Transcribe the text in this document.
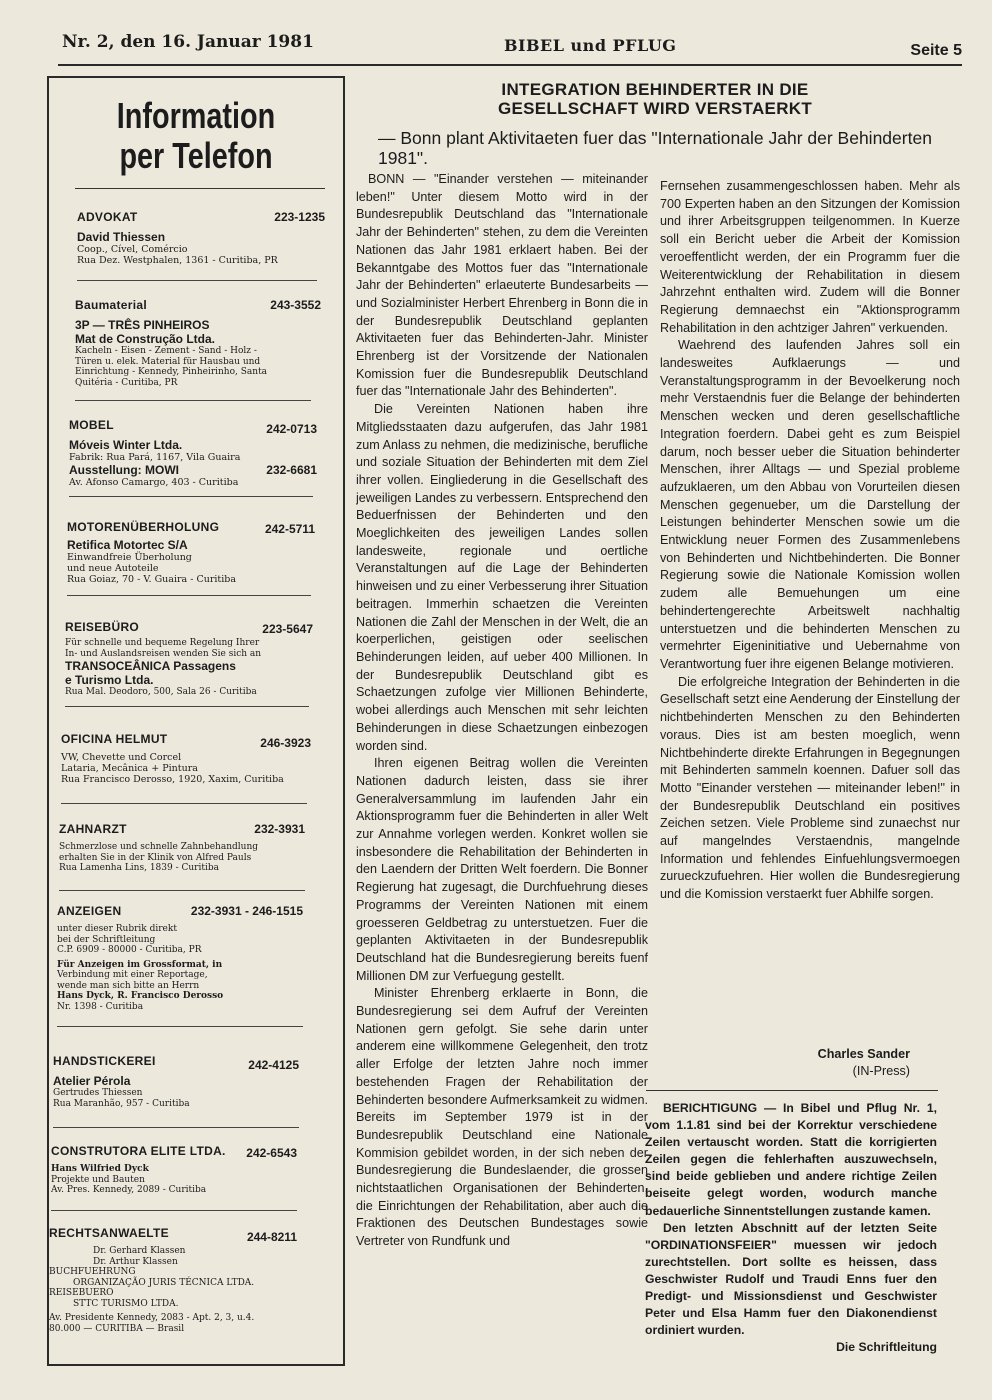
Nr. 2, den 16. Januar 1981	BIBEL und PFLUG	Seite 5
Information
per Telefon
ADVOKAT	223-1235
David Thiessen
Coop., Cível, Comércio
Rua Dez. Westphalen, 1361 - Curitiba, PR
Baumaterial	243-3552
3P — TRÊS PINHEIROS
Mat de Construção Ltda.
Kacheln - Eisen - Zement - Sand - Holz -
Türen u. elek. Material für Hausbau und
Einrichtung - Kennedy, Pinheirinho, Santa
Quitéria - Curitiba, PR
MOBEL	242-0713
Móveis Winter Ltda.
Fabrik: Rua Pará, 1167, Vila Guaira
Ausstellung: MOWI	232-6681
Av. Afonso Camargo, 403 - Curitiba
MOTORENÜBERHOLUNG	242-5711
Retifica Motortec S/A
Einwandfreie Überholung
und neue Autoteile
Rua Goiaz, 70 - V. Guaira - Curitiba
REISEBÜRO	223-5647
Für schnelle und bequeme Regelung Ihrer
In- und Auslandsreisen wenden Sie sich an
TRANSOCEÂNICA Passagens
e Turismo Ltda.
Rua Mal. Deodoro, 500, Sala 26 - Curitiba
OFICINA HELMUT	246-3923
VW, Chevette und Corcel
Lataria, Mecânica + Pintura
Rua Francisco Derosso, 1920, Xaxim, Curitiba
ZAHNARZT	232-3931
Schmerzlose und schnelle Zahnbehandlung
erhalten Sie in der Klinik von Alfred Pauls
Rua Lamenha Lins, 1839 - Curitiba
ANZEIGEN	232-3931 - 246-1515
unter dieser Rubrik direkt
bei der Schriftleitung
C.P. 6909 - 80000 - Curitiba, PR
Für Anzeigen im Grossformat, in
Verbindung mit einer Reportage,
wende man sich bitte an Herrn
Hans Dyck, R. Francisco Derosso
Nr. 1398 - Curitiba
HANDSTICKEREI	242-4125
Atelier Pérola
Gertrudes Thiessen
Rua Maranhão, 957 - Curitiba
CONSTRUTORA ELITE LTDA.	242-6543
Hans Wilfried Dyck
Projekte und Bauten
Av. Pres. Kennedy, 2089 - Curitiba
RECHTSANWAELTE	244-8211
Dr. Gerhard Klassen
Dr. Arthur Klassen
BUCHFUEHRUNG
ORGANIZAÇÃO JURIS TÉCNICA LTDA.
REISEBUERO
STTC TURISMO LTDA.
Av. Presidente Kennedy, 2083 - Apt. 2, 3, u.4.
80.000 — CURITIBA — Brasil
INTEGRATION BEHINDERTER IN DIE GESELLSCHAFT WIRD VERSTAERKT
— Bonn plant Aktivitaeten fuer das "Internationale Jahr der Behinderten 1981".

BONN — "Einander verstehen — miteinander leben!" Unter diesem Motto wird in der Bundesrepublik Deutschland das "Internationale Jahr der Behinderten" stehen, zu dem die Vereinten Nationen das Jahr 1981 erklaert haben. Bei der Bekanntgabe des Mottos fuer das "Internationale Jahr der Behinderten" erlaeuterte Bundesarbeits — und Sozialminister Herbert Ehrenberg in Bonn die in der Bundesrepublik Deutschland geplanten Aktivitaeten fuer das Behinderten-Jahr. Minister Ehrenberg ist der Vorsitzende der Nationalen Komission fuer die Bundesrepublik Deutschland fuer das "Internationale Jahr des Behinderten".

Die Vereinten Nationen haben ihre Mitgliedsstaaten dazu aufgerufen, das Jahr 1981 zum Anlass zu nehmen, die medizinische, berufliche und soziale Situation der Behinderten mit dem Ziel ihrer vollen. Eingliederung in die Gesellschaft des jeweiligen Landes zu verbessern. Entsprechend den Beduerfnissen der Behinderten und den Moeglichkeiten des jeweiligen Landes sollen landesweite, regionale und oertliche Veranstaltungen auf die Lage der Behinderten hinweisen und zu einer Verbesserung ihrer Situation beitragen. Immerhin schaetzen die Vereinten Nationen die Zahl der Menschen in der Welt, die an koerperlichen, geistigen oder seelischen Behinderungen leiden, auf ueber 400 Millionen. In der Bundesrepublik Deutschland gibt es Schaetzungen zufolge vier Millionen Behinderte, wobei allerdings auch Menschen mit sehr leichten Behinderungen in diese Schaetzungen einbezogen worden sind.

Ihren eigenen Beitrag wollen die Vereinten Nationen dadurch leisten, dass sie ihrer Generalversammlung im laufenden Jahr ein Aktionsprogramm fuer die Behinderten in aller Welt zur Annahme vorlegen werden. Konkret wollen sie insbesondere die Rehabilitation der Behinderten in den Laendern der Dritten Welt foerdern. Die Bonner Regierung hat zugesagt, die Durchfuehrung dieses Programms der Vereinten Nationen mit einem groesseren Geldbetrag zu unterstuetzen. Fuer die geplanten Aktivitaeten in der Bundesrepublik Deutschland hat die Bundesregierung bereits fuenf Millionen DM zur Verfuegung gestellt.

Minister Ehrenberg erklaerte in Bonn, die Bundesregierung sei dem Aufruf der Vereinten Nationen gern gefolgt. Sie sehe darin unter anderem eine willkommene Gelegenheit, den trotz aller Erfolge der letzten Jahre noch immer bestehenden Fragen der Rehabilitation der Behinderten besondere Aufmerksamkeit zu widmen. Bereits im September 1979 ist in der Bundesrepublik Deutschland eine Nationale Kommision gebildet worden, in der sich neben der Bundesregierung die Bundeslaender, die grossen nichtstaatlichen Organisationen der Behinderten, die Einrichtungen der Rehabilitation, aber auch die Fraktionen des Deutschen Bundestages sowie Vertreter von Rundfunk und

Fernsehen zusammengeschlossen haben. Mehr als 700 Experten haben an den Sitzungen der Komission und ihrer Arbeitsgruppen teilgenommen. In Kuerze soll ein Bericht ueber die Arbeit der Komission veroeffentlicht werden, der ein Programm fuer die Weiterentwicklung der Rehabilitation in diesem Jahrzehnt enthalten wird. Zudem will die Bonner Regierung demnaechst ein "Aktionsprogramm Rehabilitation in den achtziger Jahren" verkuenden.

Waehrend des laufenden Jahres soll ein landesweites Aufklaerungs — und Veranstaltungsprogramm in der Bevoelkerung noch mehr Verstaendnis fuer die Belange der behinderten Menschen wecken und deren gesellschaftliche Integration foerdern. Dabei geht es zum Beispiel darum, noch besser ueber die Situation behinderter Menschen, ihrer Alltags — und Spezial probleme aufzuklaeren, um den Abbau von Vorurteilen diesen Menschen gegenueber, um die Darstellung der Leistungen behinderter Menschen sowie um die Entwicklung neuer Formen des Zusammenlebens von Behinderten und Nichtbehinderten. Die Bonner Regierung sowie die Nationale Komission wollen zudem alle Bemuehungen um eine behindertengerechte Arbeitswelt nachhaltig unterstuetzen und die behinderten Menschen zu vermehrter Eigeninitiative und Uebernahme von Verantwortung fuer ihre eigenen Belange motivieren.

Die erfolgreiche Integration der Behinderten in die Gesellschaft setzt eine Aenderung der Einstellung der nichtbehinderten Menschen zu den Behinderten voraus. Dies ist am besten moeglich, wenn Nichtbehinderte direkte Erfahrungen in Begegnungen mit Behinderten sammeln koennen. Dafuer soll das Motto "Einander verstehen — miteinander leben!" in der Bundesrepublik Deutschland ein positives Zeichen setzen. Viele Probleme sind zunaechst nur auf mangelndes Verstaendnis, mangelnde Information und fehlendes Einfuehlungsvermoegen zurueckzufuehren. Hier wollen die Bundesregierung und die Komission verstaerkt fuer Abhilfe sorgen.

Charles Sander
(IN-Press)

BERICHTIGUNG — In Bibel und Pflug Nr. 1, vom 1.1.81 sind bei der Korrektur verschiedene Zeilen vertauscht worden. Statt die korrigierten Zeilen gegen die fehlerhaften auszuwechseln, sind beide geblieben und andere richtige Zeilen beiseite gelegt worden, wodurch manche bedauerliche Sinnentstellungen zustande kamen.

Den letzten Abschnitt auf der letzten Seite "ORDINATIONSFEIER" muessen wir jedoch zurechtstellen. Dort sollte es heissen, dass Geschwister Rudolf und Traudi Enns fuer den Predigt- und Missionsdienst und Geschwister Peter und Elsa Hamm fuer den Diakonendienst ordiniert wurden.

Die Schriftleitung
